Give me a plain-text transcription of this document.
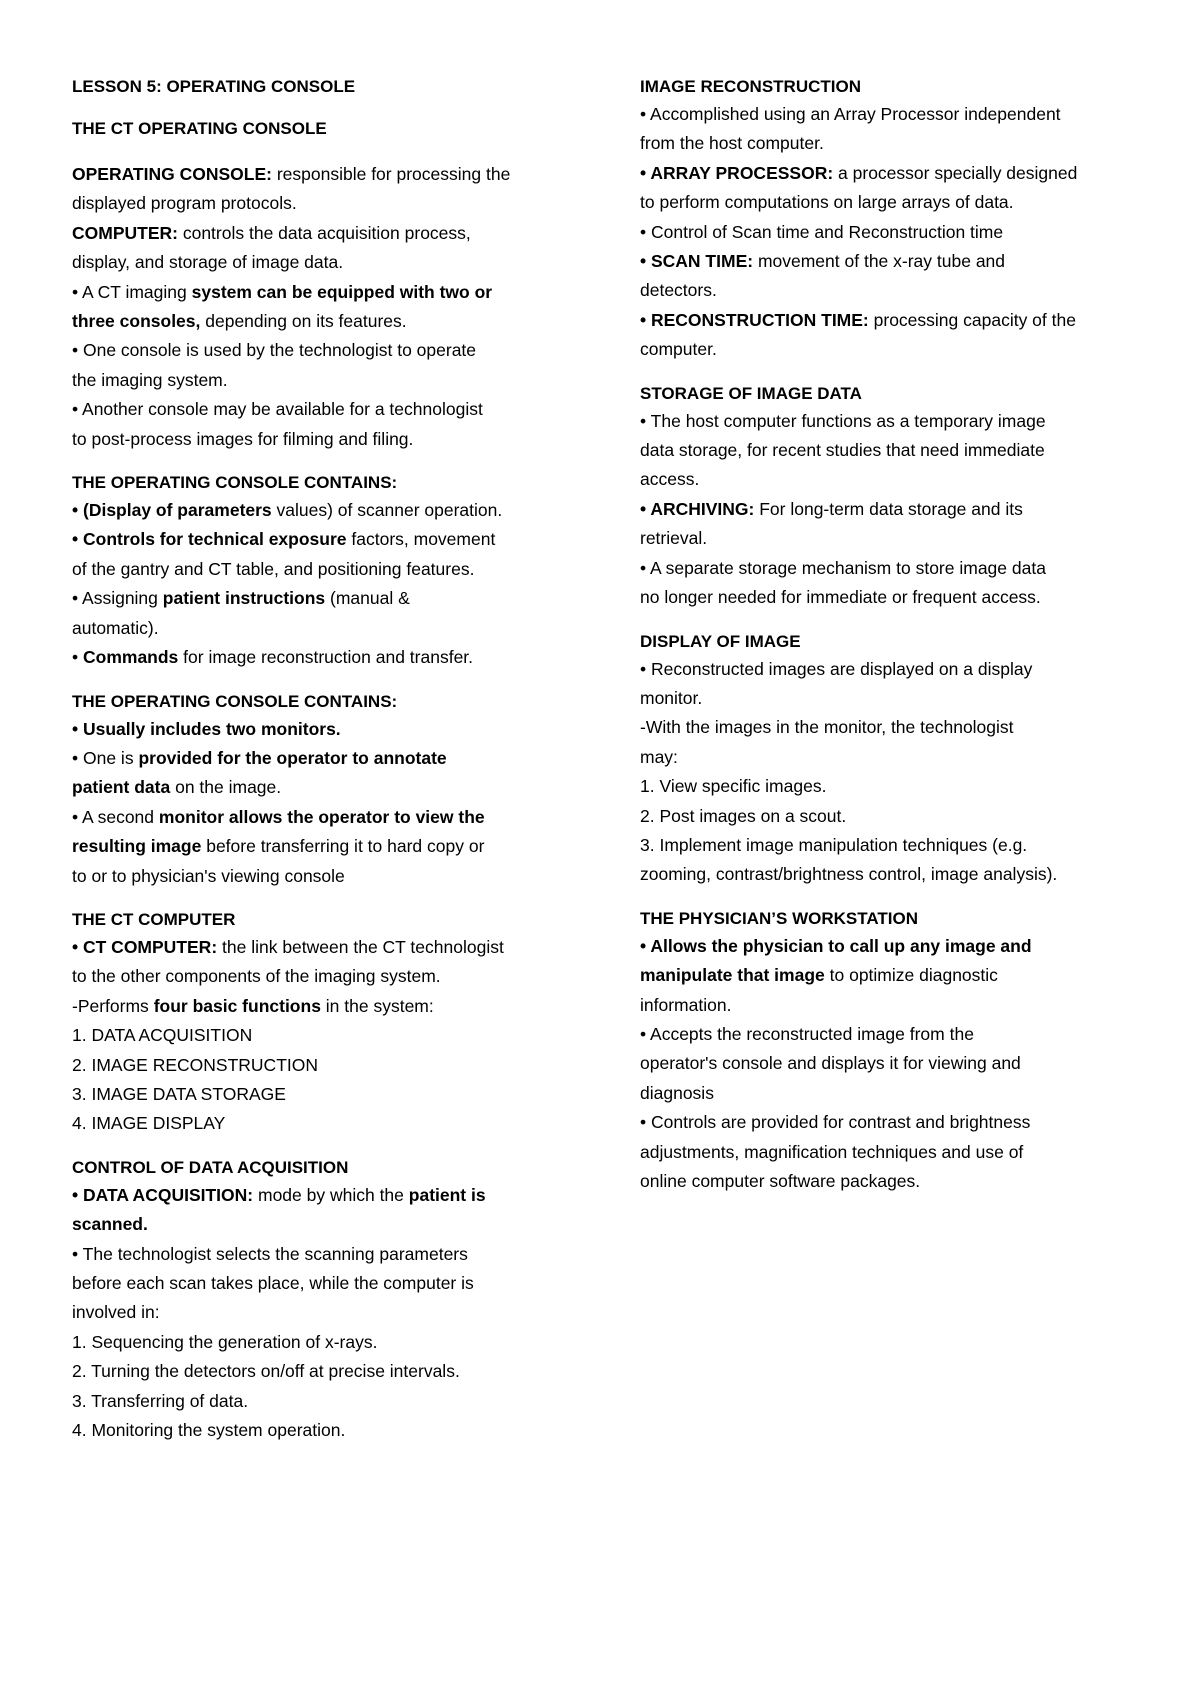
LESSON 5: OPERATING CONSOLE
THE CT OPERATING CONSOLE
OPERATING CONSOLE: responsible for processing the
displayed program protocols.
COMPUTER: controls the data acquisition process,
display, and storage of image data.
• A CT imaging system can be equipped with two or
three consoles, depending on its features.
• One console is used by the technologist to operate
the imaging system.
• Another console may be available for a technologist
to post-process images for filming and filing.
THE OPERATING CONSOLE CONTAINS:
• (Display of parameters values) of scanner operation.
• Controls for technical exposure factors, movement
of the gantry and CT table, and positioning features.
• Assigning patient instructions (manual &
automatic).
• Commands for image reconstruction and transfer.
THE OPERATING CONSOLE CONTAINS:
• Usually includes two monitors.
• One is provided for the operator to annotate
patient data on the image.
• A second monitor allows the operator to view the
resulting image before transferring it to hard copy or
to or to physician's viewing console
THE CT COMPUTER
• CT COMPUTER: the link between the CT technologist
to the other components of the imaging system.
-Performs four basic functions in the system:
1. DATA ACQUISITION
2. IMAGE RECONSTRUCTION
3. IMAGE DATA STORAGE
4. IMAGE DISPLAY
CONTROL OF DATA ACQUISITION
• DATA ACQUISITION: mode by which the patient is
scanned.
• The technologist selects the scanning parameters
before each scan takes place, while the computer is
involved in:
1. Sequencing the generation of x-rays.
2. Turning the detectors on/off at precise intervals.
3. Transferring of data.
4. Monitoring the system operation.
IMAGE RECONSTRUCTION
• Accomplished using an Array Processor independent
from the host computer.
• ARRAY PROCESSOR: a processor specially designed
to perform computations on large arrays of data.
• Control of Scan time and Reconstruction time
• SCAN TIME: movement of the x-ray tube and
detectors.
• RECONSTRUCTION TIME: processing capacity of the
computer.
STORAGE OF IMAGE DATA
• The host computer functions as a temporary image
data storage, for recent studies that need immediate
access.
• ARCHIVING: For long-term data storage and its
retrieval.
• A separate storage mechanism to store image data
no longer needed for immediate or frequent access.
DISPLAY OF IMAGE
• Reconstructed images are displayed on a display
monitor.
-With the images in the monitor, the technologist
may:
1. View specific images.
2. Post images on a scout.
3. Implement image manipulation techniques (e.g.
zooming, contrast/brightness control, image analysis).
THE PHYSICIAN’S WORKSTATION
• Allows the physician to call up any image and
manipulate that image to optimize diagnostic
information.
• Accepts the reconstructed image from the
operator's console and displays it for viewing and
diagnosis
• Controls are provided for contrast and brightness
adjustments, magnification techniques and use of
online computer software packages.
